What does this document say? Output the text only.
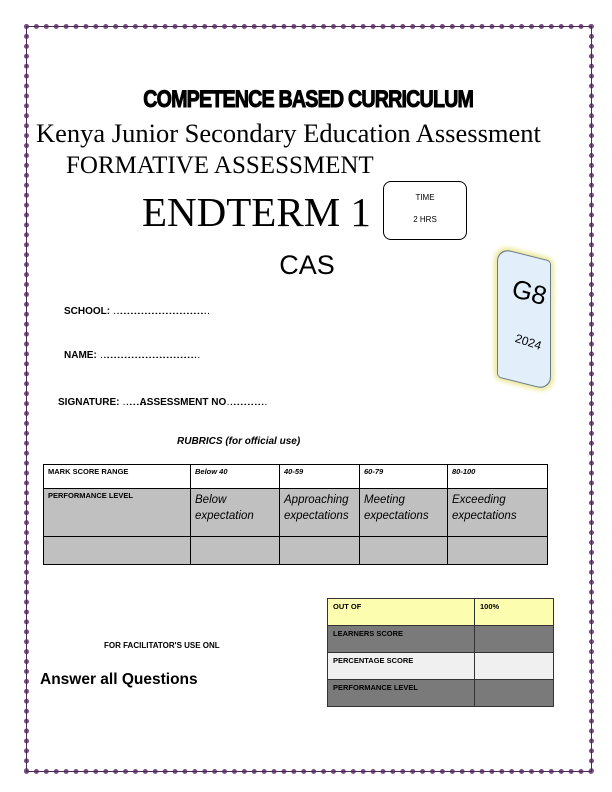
COMPETENCE BASED CURRICULUM
Kenya Junior Secondary Education Assessment
FORMATIVE ASSESSMENT
ENDTERM 1	TIME
2 HRS
CAS
G8
2024
SCHOOL: ……………………………………………………………………
NAME: ………………………………………………………………………
SIGNATURE: ……………….ASSESSMENT NO………………………….
RUBRICS (for official use)
MARK SCORE RANGE	Below 40	40-59	60-79	80-100
PERFORMANCE LEVEL	Below expectation	Approaching expectations	Meeting expectations	Exceeding expectations

FOR FACILITATOR'S USE ONL
Answer all Questions
OUT OF	100%
LEARNERS SCORE	
PERCENTAGE SCORE	
PERFORMANCE LEVEL	
